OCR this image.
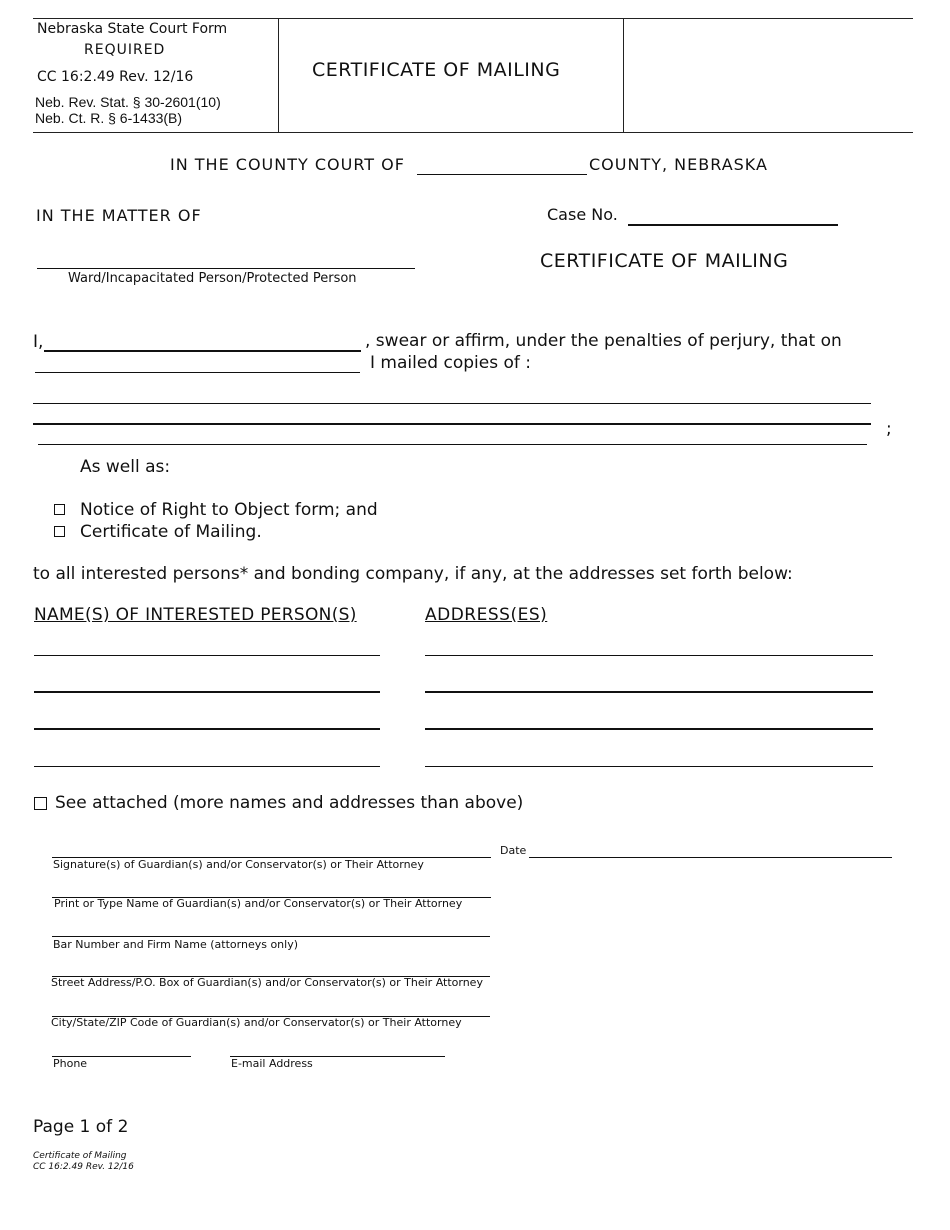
Nebraska State Court Form
REQUIRED
CC 16:2.49 Rev. 12/16
Neb. Rev. Stat. § 30-2601(10)
Neb. Ct. R. § 6-1433(B)
CERTIFICATE OF MAILING
IN THE COUNTY COURT OF	COUNTY, NEBRASKA
IN THE MATTER OF
Ward/Incapacitated Person/Protected Person
Case No.
CERTIFICATE OF MAILING
I,	, swear or affirm, under the penalties of perjury, that on
I mailed copies of :
;
As well as:
Notice of Right to Object form; and
Certificate of Mailing.
to all interested persons* and bonding company, if any, at the addresses set forth below:
NAME(S) OF INTERESTED PERSON(S)	ADDRESS(ES)
See attached (more names and addresses than above)
Signature(s) of Guardian(s) and/or Conservator(s) or Their Attorney
Date
Print or Type Name of Guardian(s) and/or Conservator(s) or Their Attorney
Bar Number and Firm Name (attorneys only)
Street Address/P.O. Box of Guardian(s) and/or Conservator(s) or Their Attorney
City/State/ZIP Code of Guardian(s) and/or Conservator(s) or Their Attorney
Phone	E-mail Address
Page 1 of 2
Certificate of Mailing
CC 16:2.49 Rev. 12/16
